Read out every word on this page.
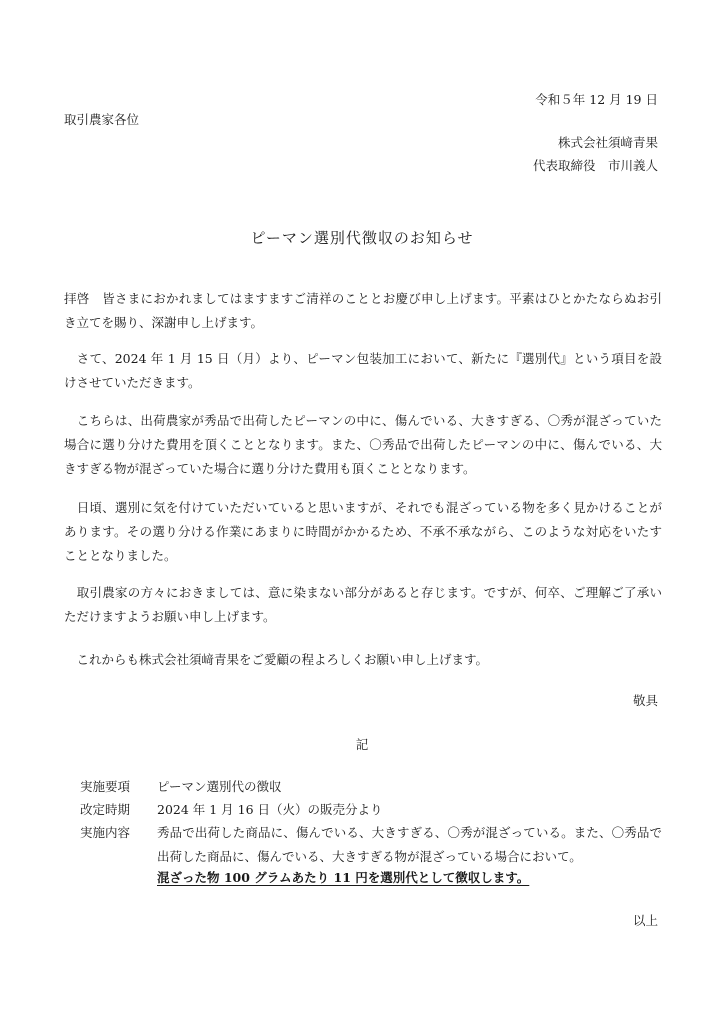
令和５年 12 月 19 日

取引農家各位

株式会社須﨑青果

代表取締役　市川義人

ピーマン選別代徴収のお知らせ

拝啓　皆さまにおかれましてはますますご清祥のこととお慶び申し上げます。平素はひとかたならぬお引き立てを賜り、深謝申し上げます。

　さて、2024 年 1 月 15 日（月）より、ピーマン包装加工において、新たに『選別代』という項目を設けさせていただきます。

　こちらは、出荷農家が秀品で出荷したピーマンの中に、傷んでいる、大きすぎる、〇秀が混ざっていた場合に選り分けた費用を頂くこととなります。また、〇秀品で出荷したピーマンの中に、傷んでいる、大きすぎる物が混ざっていた場合に選り分けた費用も頂くこととなります。

　日頃、選別に気を付けていただいていると思いますが、それでも混ざっている物を多く見かけることがあります。その選り分ける作業にあまりに時間がかかるため、不承不承ながら、このような対応をいたすこととなりました。

　取引農家の方々におきましては、意に染まない部分があると存じます。ですが、何卒、ご理解ご了承いただけますようお願い申し上げます。

　これからも株式会社須﨑青果をご愛顧の程よろしくお願い申し上げます。

敬具

記

実施要項	ピーマン選別代の徴収
改定時期	2024 年 1 月 16 日（火）の販売分より
実施内容	秀品で出荷した商品に、傷んでいる、大きすぎる、〇秀が混ざっている。また、〇秀品で出荷した商品に、傷んでいる、大きすぎる物が混ざっている場合において。

混ざった物 100 グラムあたり 11 円を選別代として徴収します。

以上
